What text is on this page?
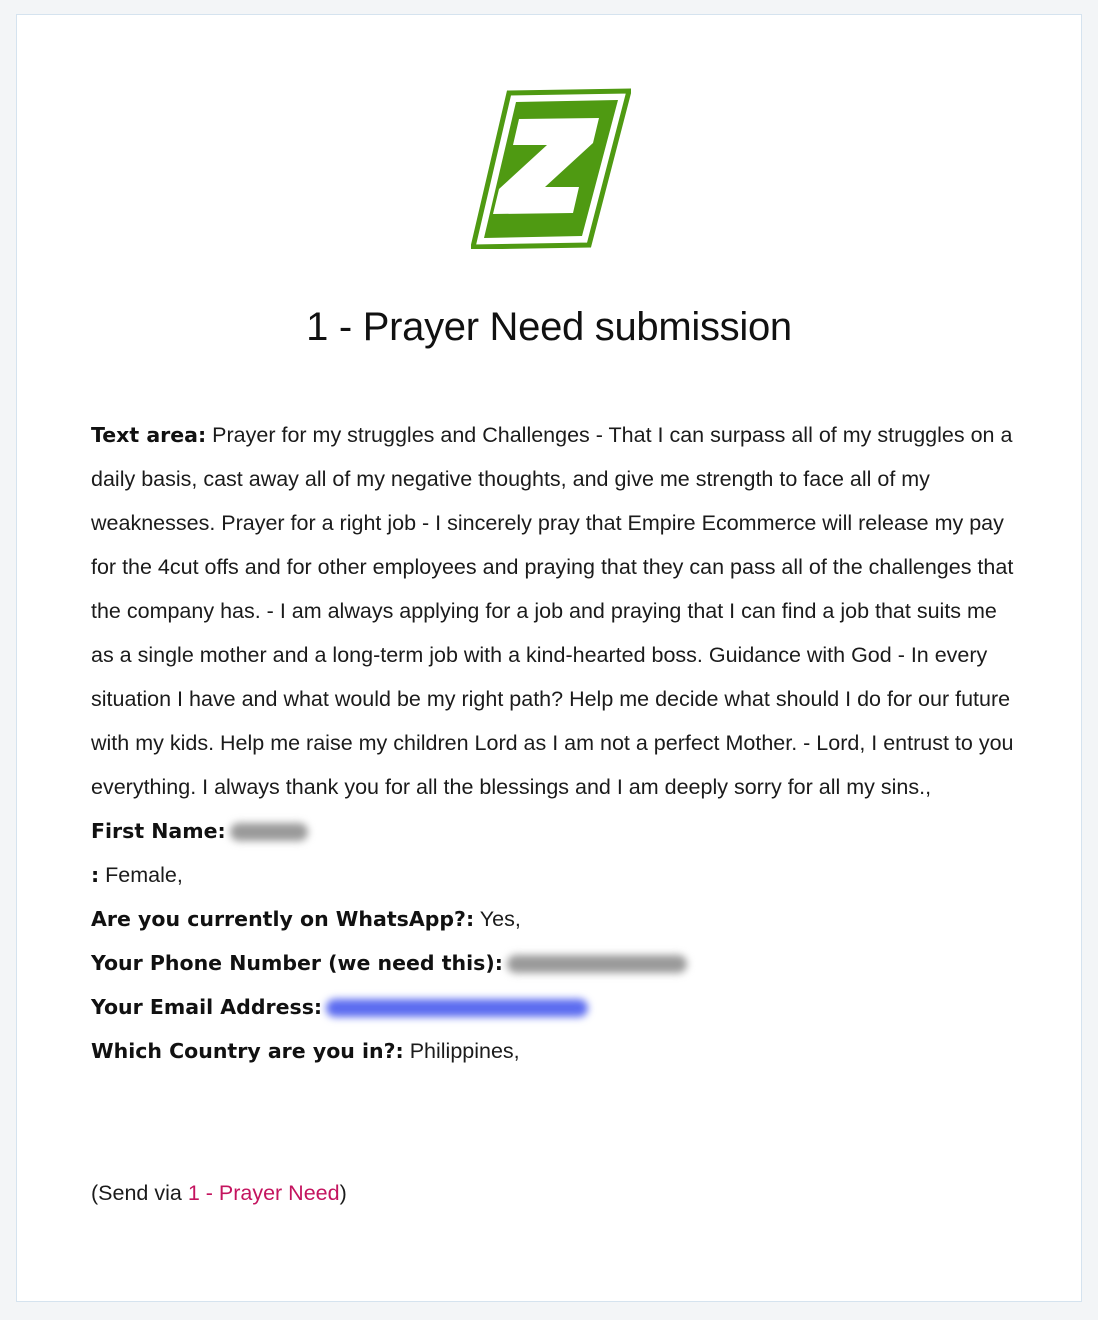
1 - Prayer Need submission
Text area: Prayer for my struggles and Challenges - That I can surpass all of my struggles on a daily basis, cast away all of my negative thoughts, and give me strength to face all of my weaknesses. Prayer for a right job - I sincerely pray that Empire Ecommerce will release my pay for the 4cut offs and for other employees and praying that they can pass all of the challenges that the company has. - I am always applying for a job and praying that I can find a job that suits me as a single mother and a long-term job with a kind-hearted boss. Guidance with God - In every situation I have and what would be my right path? Help me decide what should I do for our future with my kids. Help me raise my children Lord as I am not a perfect Mother. - Lord, I entrust to you everything. I always thank you for all the blessings and I am deeply sorry for all my sins.,
First Name:
: Female,
Are you currently on WhatsApp?: Yes,
Your Phone Number (we need this):
Your Email Address:
Which Country are you in?: Philippines,
(Send via 1 - Prayer Need)
